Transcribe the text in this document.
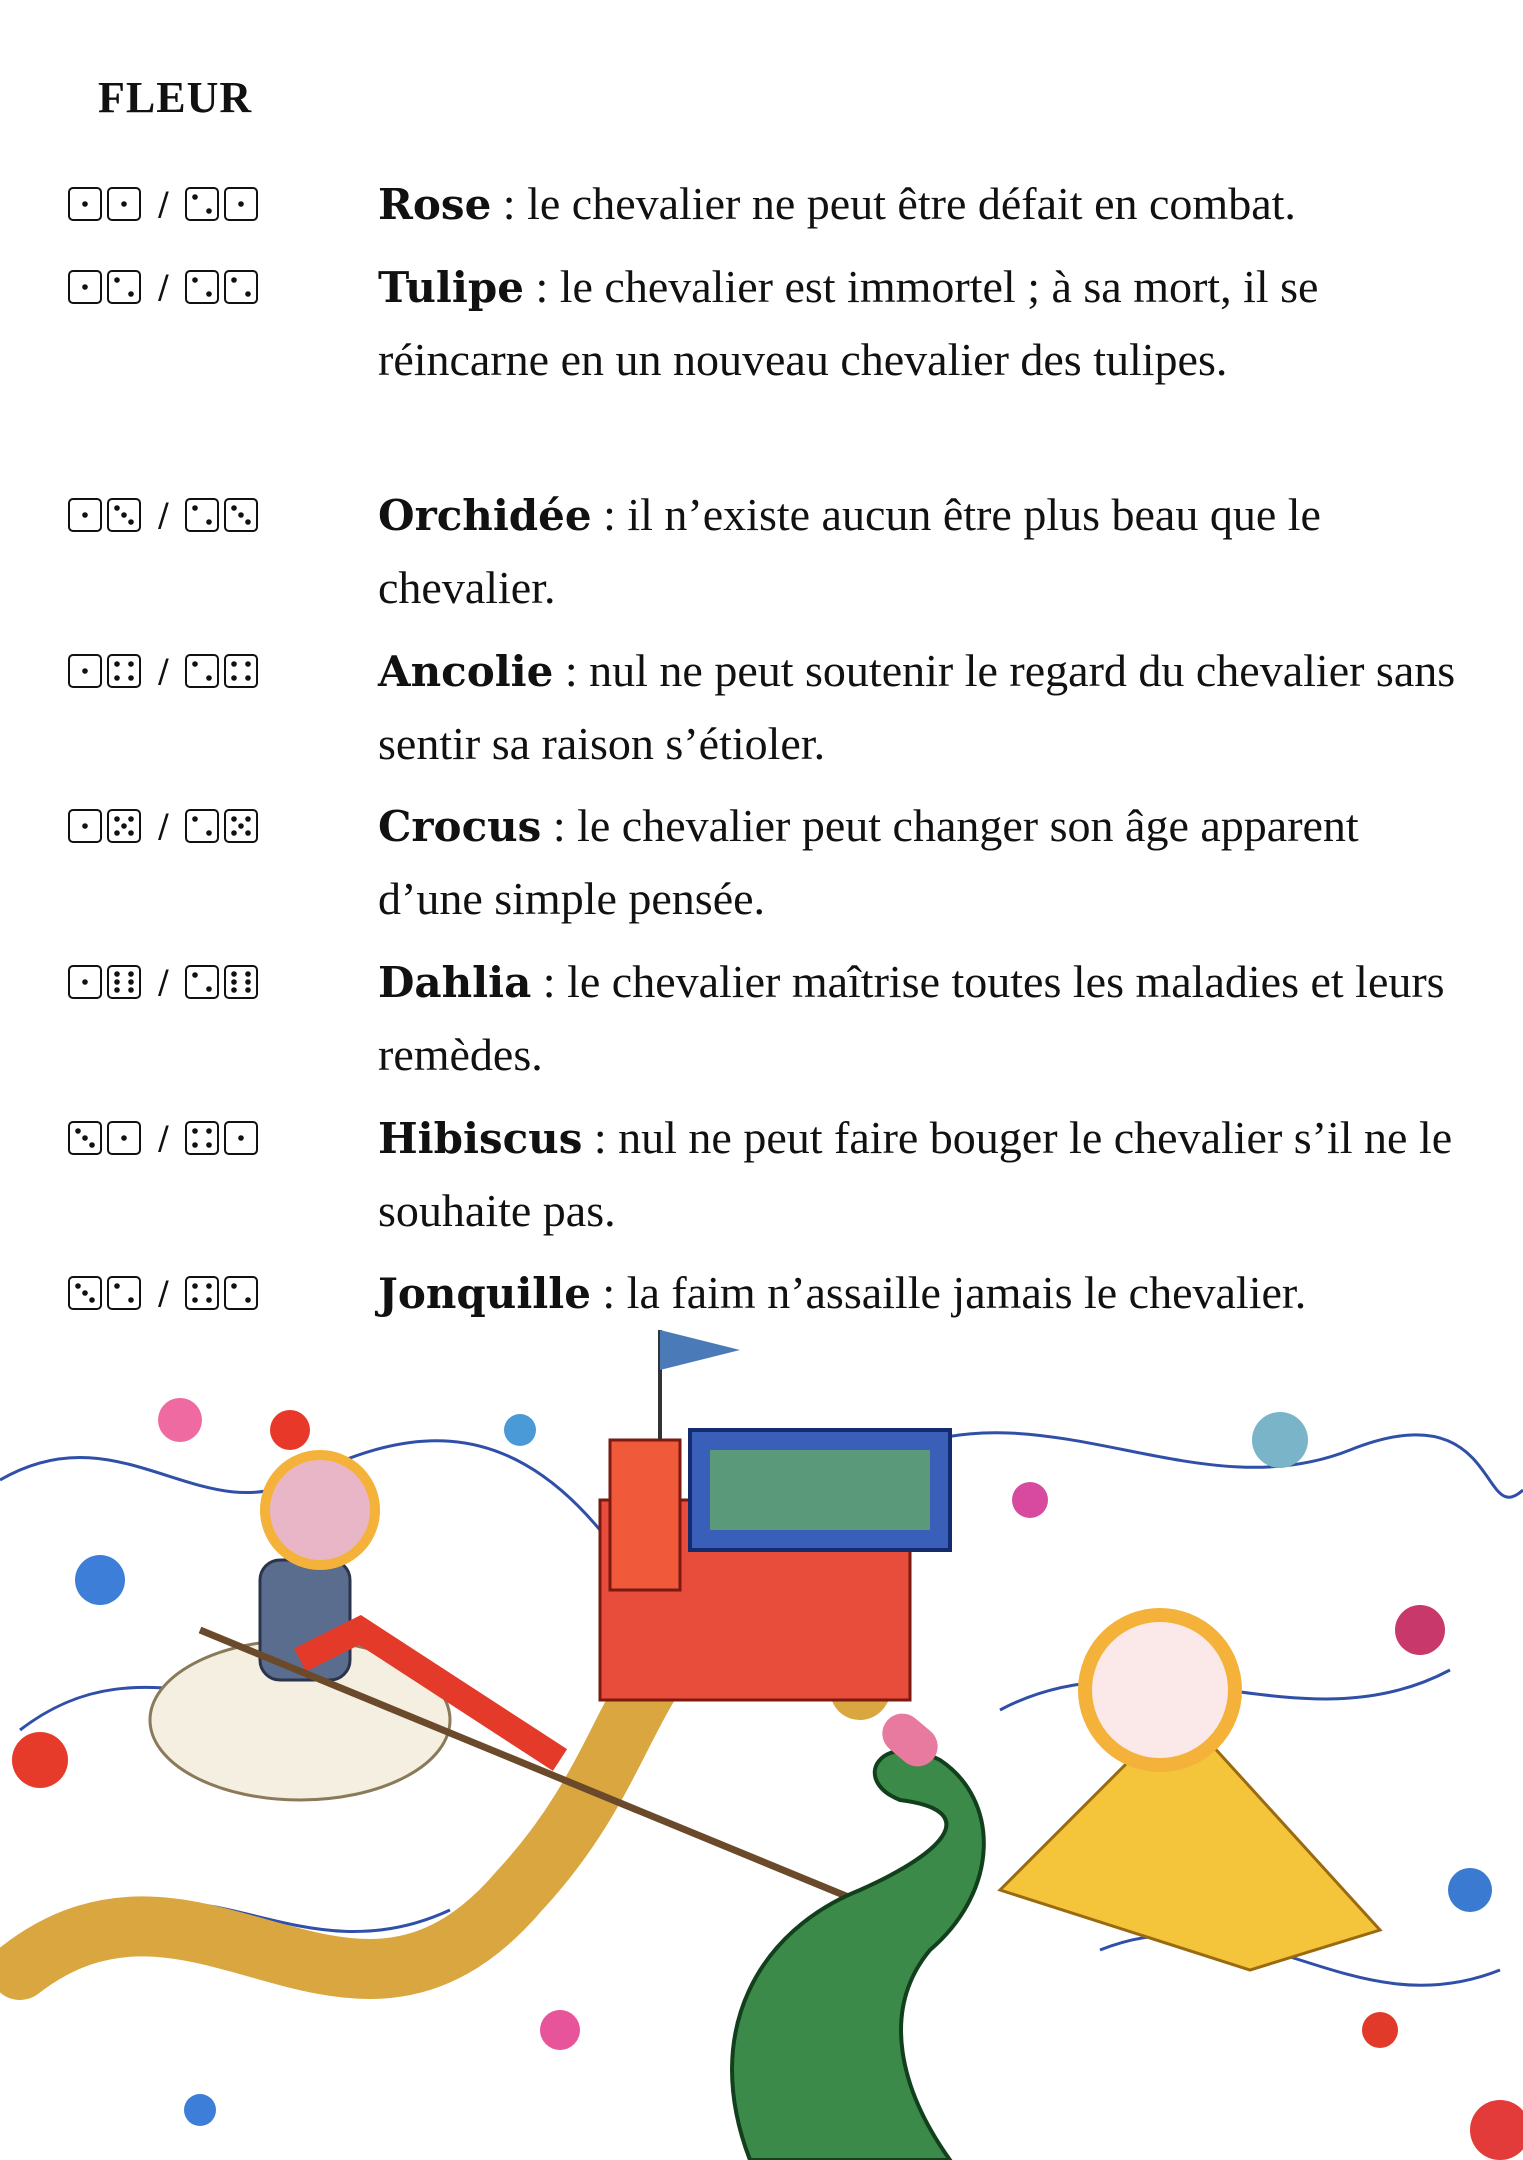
FLEUR
/	Rose : le chevalier ne peut être défait en combat.
/	Tulipe : le chevalier est immortel ; à sa mort, il se réincarne en un nouveau chevalier des tulipes.
/	Orchidée : il n’existe aucun être plus beau que le chevalier.
/	Ancolie : nul ne peut soutenir le regard du chevalier sans sentir sa raison s’étioler.
/	Crocus : le chevalier peut changer son âge apparent d’une simple pensée.
/	Dahlia : le chevalier maîtrise toutes les maladies et leurs remèdes.
/	Hibiscus : nul ne peut faire bouger le chevalier s’il ne le souhaite pas.
/	Jonquille : la faim n’assaille jamais le chevalier.
